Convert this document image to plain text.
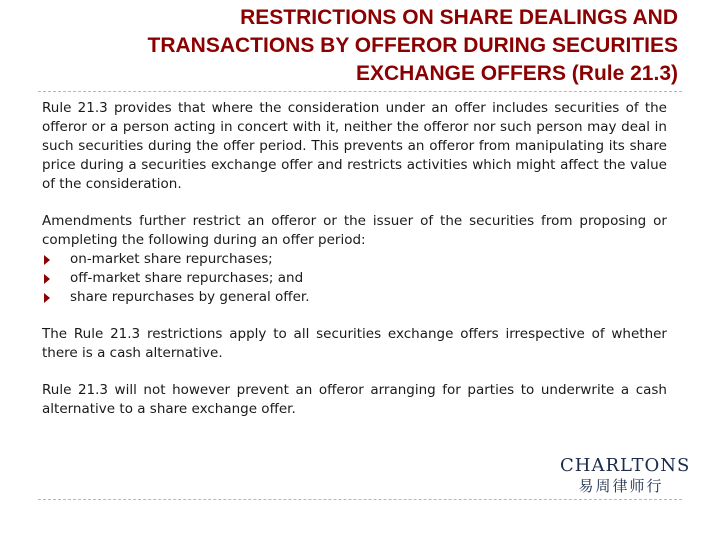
RESTRICTIONS ON SHARE DEALINGS AND
TRANSACTIONS BY OFFEROR DURING SECURITIES
EXCHANGE OFFERS (Rule 21.3)

Rule 21.3 provides that where the consideration under an offer includes securities of the offeror or a person acting in concert with it, neither the offeror nor such person may deal in such securities during the offer period. This prevents an offeror from manipulating its share price during a securities exchange offer and restricts activities which might affect the value of the consideration.

Amendments further restrict an offeror or the issuer of the securities from proposing or completing the following during an offer period:

on-market share repurchases;
off-market share repurchases; and
share repurchases by general offer.

The Rule 21.3 restrictions apply to all securities exchange offers irrespective of whether there is a cash alternative.

Rule 21.3 will not however prevent an offeror arranging for parties to underwrite a cash alternative to a share exchange offer.

CHARLTONS
易周律师行
